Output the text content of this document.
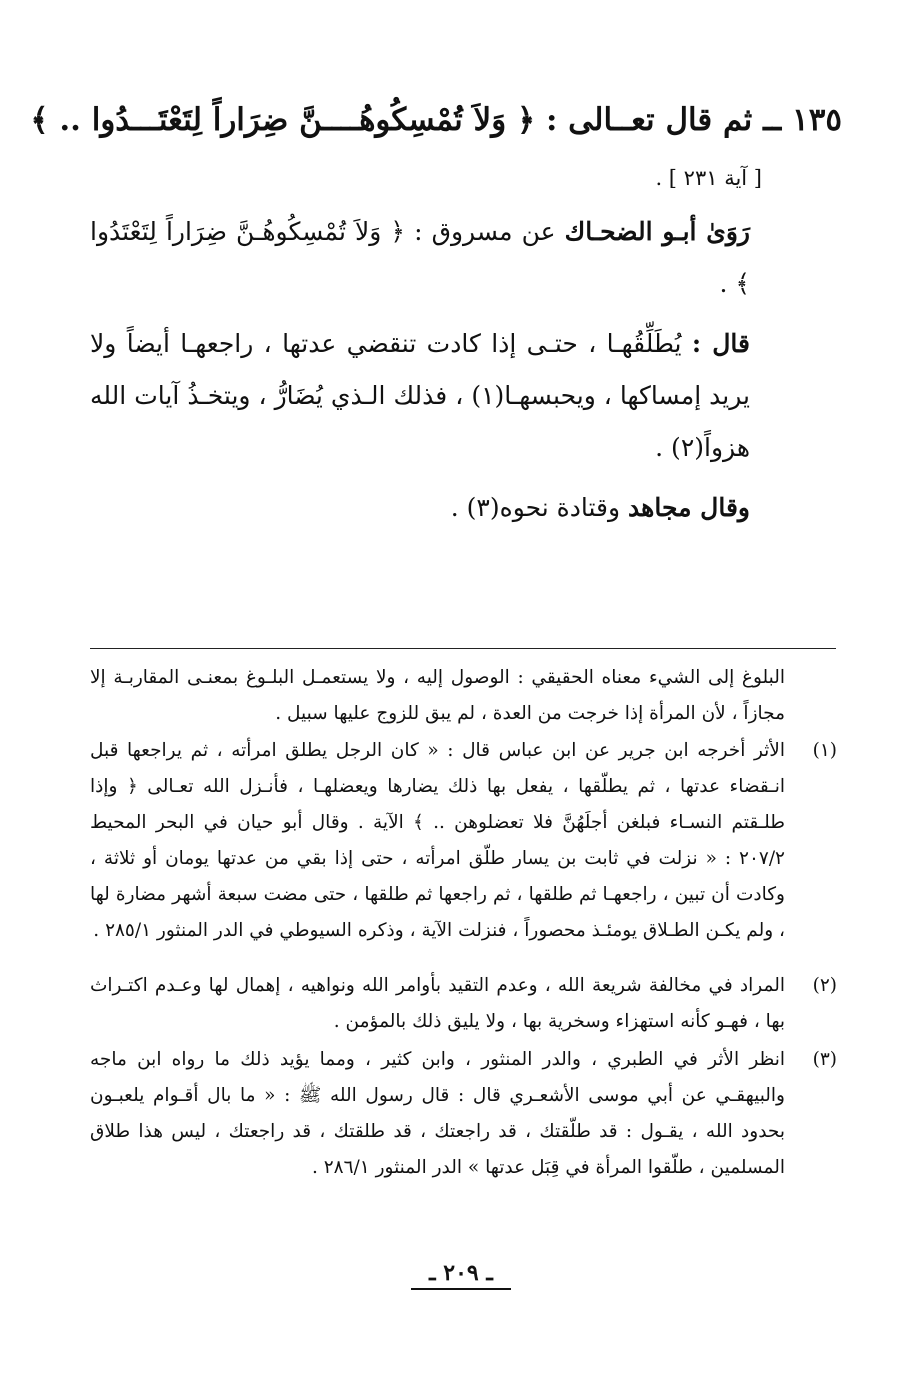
١٣٥ ــ ثم قال تعــالى : ﴿ وَلاَ تُمْسِكُوهُــــنَّ ضِرَاراً لِتَعْتَـــدُوا .. ﴾
[ آية ٢٣١ ] .
رَوَىٰ أبـو الضحـاك عن مسروق : ﴿ وَلاَ تُمْسِكُوهُـنَّ ضِرَاراً لِتَعْتَدُوا ﴾ .
قال : يُطَلِّقُهـا ، حتـى إذا كادت تنقضي عدتها ، راجعهـا أيضاً ولا يريد إمساكها ، ويحبسهـا(١) ، فذلك الـذي يُضَارُّ ، ويتخـذُ آيات الله هزواً(٢) .
وقال مجاهد وقتادة نحوه(٣) .
البلوغ إلى الشيء معناه الحقيقي : الوصول إليه ، ولا يستعمـل البلـوغ بمعنـى المقاربـة إلا مجازاً ، لأن المرأة إذا خرجت من العدة ، لم يبق للزوج عليها سبيل .
(١)
الأثر أخرجه ابن جرير عن ابن عباس قال : « كان الرجل يطلق امرأته ، ثم يراجعها قبل انـقضاء عدتها ، ثم يطلّقها ، يفعل بها ذلك يضارها ويعضلهـا ، فأنـزل الله تعـالى ﴿ وإذا طلـقتم النسـاء فبلغن أجلَهُنَّ فلا تعضلوهن .. ﴾ الآية . وقال أبو حيان في البحر المحيط ٢٠٧/٢ : « نزلت في ثابت بن يسار طلّق امرأته ، حتى إذا بقي من عدتها يومان أو ثلاثة ، وكادت أن تبين ، راجعهـا ثم طلقها ، ثم راجعها ثم طلقها ، حتى مضت سبعة أشهر مضارة لها ، ولم يكـن الطـلاق يومئـذ محصوراً ، فنزلت الآية ، وذكره السيوطي في الدر المنثور ٢٨٥/١ .
(٢)
المراد في مخالفة شريعة الله ، وعدم التقيد بأوامر الله ونواهيه ، إهمال لها وعـدم اكتـراث بها ، فهـو كأنه استهزاء وسخرية بها ، ولا يليق ذلك بالمؤمن .
(٣)
انظر الأثر في الطبري ، والدر المنثور ، وابن كثير ، ومما يؤيد ذلك ما رواه ابن ماجه والبيهقـي عن أبي موسى الأشعـري قال : قال رسول الله ﷺ : « ما بال أقـوام يلعبـون بحدود الله ، يقـول : قد طلّقتك ، قد راجعتك ، قد طلقتك ، قد راجعتك ، ليس هذا طلاق المسلمين ، طلّقوا المرأة في قِبَل عدتها » الدر المنثور ٢٨٦/١ .
ـ ٢٠٩ ـ
